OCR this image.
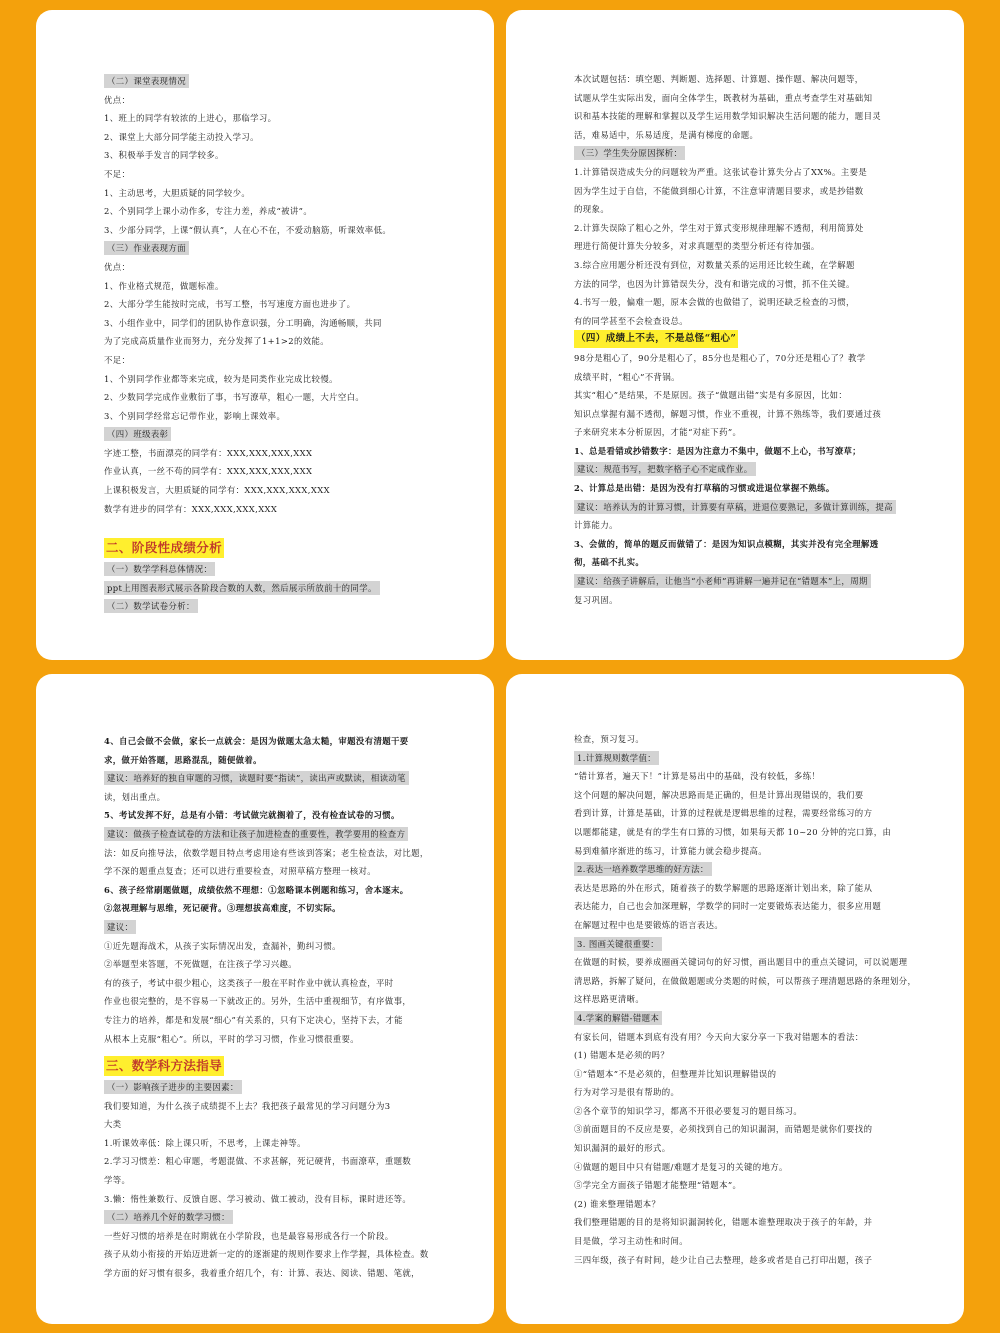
（二）课堂表现情况
优点：
1、班上的同学有较浓的上进心，那临学习。
2、课堂上大部分同学能主动投入学习。
3、积极举手发言的同学较多。
不足：
1、主动思考，大胆质疑的同学较少。
2、个别同学上课小动作多，专注力差，养成“被讲”。
3、少部分同学，上课“假认真”，人在心不在，不爱动脑筋，听课效率低。
（三）作业表现方面
优点：
1、作业格式规范，做题标准。
2、大部分学生能按时完成，书写工整，书写速度方面也进步了。
3、小组作业中，同学们的团队协作意识强，分工明确，沟通畅顺，共同
为了完成高质量作业而努力，充分发挥了1+1>2的效能。
不足：
1、个别同学作业都等来完成，较为是同类作业完成比较慢。
2、少数同学完成作业敷衍了事，书写潦草，粗心一题，大片空白。
3、个别同学经常忘记带作业，影响上课效率。
（四）班级表彰
字迹工整，书面漂亮的同学有：XXX,XXX,XXX,XXX
作业认真，一丝不苟的同学有：XXX,XXX,XXX,XXX
上课积极发言，大胆质疑的同学有：XXX,XXX,XXX,XXX
数学有进步的同学有：XXX,XXX,XXX,XXX
二、阶段性成绩分析
（一）数学学科总体情况：
ppt上用图表形式展示各阶段合数的人数，然后展示所放前十的同学。
（二）数学试卷分析：
本次试题包括：填空题、判断题、选择题、计算题、操作题、解决问题等，
试题从学生实际出发，面向全体学生，既教材为基础，重点考查学生对基础知
识和基本技能的理解和掌握以及学生运用数学知识解决生活问题的能力，题目灵
活，难易适中，乐易适度，是满有梯度的命题。
（三）学生失分原因探析：
1.计算错误造成失分的问题较为严重。这张试卷计算失分占了XX%。主要是
因为学生过于自信，不能做到细心计算，不注意审清题目要求，或是抄错数
的现象。
2.计算失误除了粗心之外，学生对于算式变形规律理解不透彻，利用简算处
理进行简便计算失分较多，对求真题型的类型分析还有待加强。
3.综合应用题分析还没有到位，对数量关系的运用还比较生疏，在学解题
方法的同学，也因为计算错误失分，没有和谐完成的习惯，抓不住关键。
4.书写一般，偏难一题，原本会做的也做错了，说明还缺乏检查的习惯，
有的同学甚至不会检查设总。
（四）成绩上不去，不是总怪“粗心”
98分是粗心了，90分是粗心了，85分也是粗心了，70分还是粗心了？教学
成绩平时，“粗心”不背锅。
其实“粗心”是结果，不是原因。孩子“做题出错”实是有多原因，比如：
知识点掌握有漏不透彻，解题习惯，作业不重视，计算不熟练等，我们要通过孩
子来研究来本分析原因，才能“对症下药”。
1、总是看错或抄错数字：是因为注意力不集中，做题不上心，书写潦草；
建议：规范书写，把数字格子心不定成作业。
2、计算总是出错：是因为没有打草稿的习惯或进退位掌握不熟练。
建议：培养认为的计算习惯，计算要有草稿，进退位要熟记，多做计算训练，提高
计算能力。
3、会做的，简单的题反而做错了：是因为知识点模糊，其实并没有完全理解透
彻，基础不扎实。
建议：给孩子讲解后，让他当“小老师”再讲解一遍并记在“错题本”上，周期
复习巩固。
4、自己会做不会做，家长一点就会：是因为做题太急太糙，审题没有清题干要
求，做开始答题，思路混乱，随便做着。
建议：培养好的独自审题的习惯，读题时要“指读”，读出声或默读，相读动笔
读，划出重点。
5、考试发挥不好，总是有小错：考试做完就搁着了，没有检查试卷的习惯。
建议：做孩子检查试卷的方法和让孩子加进检查的重要性，教学要用的检查方
法：如反向推导法，依数学题目特点考虑用途有些该到答案；老生检查法，对比题，
学不深的题重点复查；还可以进行重要检查，对照草稿方整理一核对。
6、孩子经常刷题做题，成绩依然不理想：①忽略课本例题和练习，舍本逐末。
②忽视理解与思维，死记硬背。③理想拔高难度，不切实际。
建议：
①近先题海战术，从孩子实际情况出发，查漏补，勤纠习惯。
②举题型来答题，不死做题，在注孩子学习兴趣。
有的孩子，考试中很少粗心，这类孩子一般在平时作业中就认真检查，平时
作业也很完整的，是不容易一下就改正的。另外，生活中重视细节，有序做事，
专注力的培养，都是和发展“细心”有关系的，只有下定决心，坚持下去，才能
从根本上克服“粗心”。所以，平时的学习习惯，作业习惯很重要。
三、数学科方法指导
（一）影响孩子进步的主要因素：
我们要知道，为什么孩子成绩提不上去？我把孩子最常见的学习问题分为3
大类
1.听课效率低：除上课只听，不思考，上课走神等。
2.学习习惯差：粗心审题，考题混做、不求甚解，死记硬背，书面潦草，重题数
学等。
3.懒：惰性兼数行、反馈自愿、学习被动、做工被动，没有目标，课时进还等。
（二）培养几个好的数学习惯：
一些好习惯的培养是在时期就在小学阶段，也是最容易形成各行一个阶段。
孩子从幼小衔接的开始迈进新一定的的逐渐建的规则作要求上作学握，具体检查。数
学方面的好习惯有很多，我着重介绍几个，有：计算、表达、阅读、错题、笔就，
检查，预习复习。
1.计算规则数学值：
“错计算者，遍天下！”计算是易出中的基础，没有较低，多练！
这个问题的解决问题，解决思路而是正确的，但是计算出现错误的，我们要
看到计算，计算是基础，计算的过程就是逻辑思维的过程，需要经常练习的方
以题都能建，就是有的学生有口算的习惯，如果每天都 10~20 分钟的完口算，由
易到难循序渐进的练习，计算能力就会稳步提高。
2.表达一培养数学思维的好方法：
表达是思路的外在形式，随着孩子的数学解题的思路逐渐计划出来，除了能从
表达能力，自己也会加深理解，学数学的同时一定要锻炼表达能力，很多应用题
在解题过程中也是要锻炼的语言表达。
3. 图画关键很重要：
在做题的时候，要养成圈画关键词句的好习惯，画出题目中的重点关键词，可以说题理
清思路，拆解了疑问，在做做题题或分类题的时候，可以帮孩子理清题思路的条理划分，
这样思路更清晰。
4.学案的解错-错题本
有家长问，错题本到底有没有用？今天向大家分享一下我对错题本的看法：
(1) 错题本是必须的吗？
①“错题本”不是必须的，但整理并比知识理解错误的
行为对学习是很有帮助的。
②各个章节的知识学习，都离不开很必要复习的题目练习。
③前面题目的不反应是要，必须找到自己的知识漏洞，而错题是就你们要找的
知识漏洞的最好的形式。
④做题的题目中只有错题/难题才是复习的关键的地方。
⑤学完全方面孩子错题才能整理“错题本”。
(2) 谁来整理错题本？
我们整理错题的目的是将知识漏洞转化，错题本谁整理取决于孩子的年龄，并
目是做，学习主动性和时间。
三四年级，孩子有时间，趁少让自己去整理，趁多或者是自己打印出题，孩子
